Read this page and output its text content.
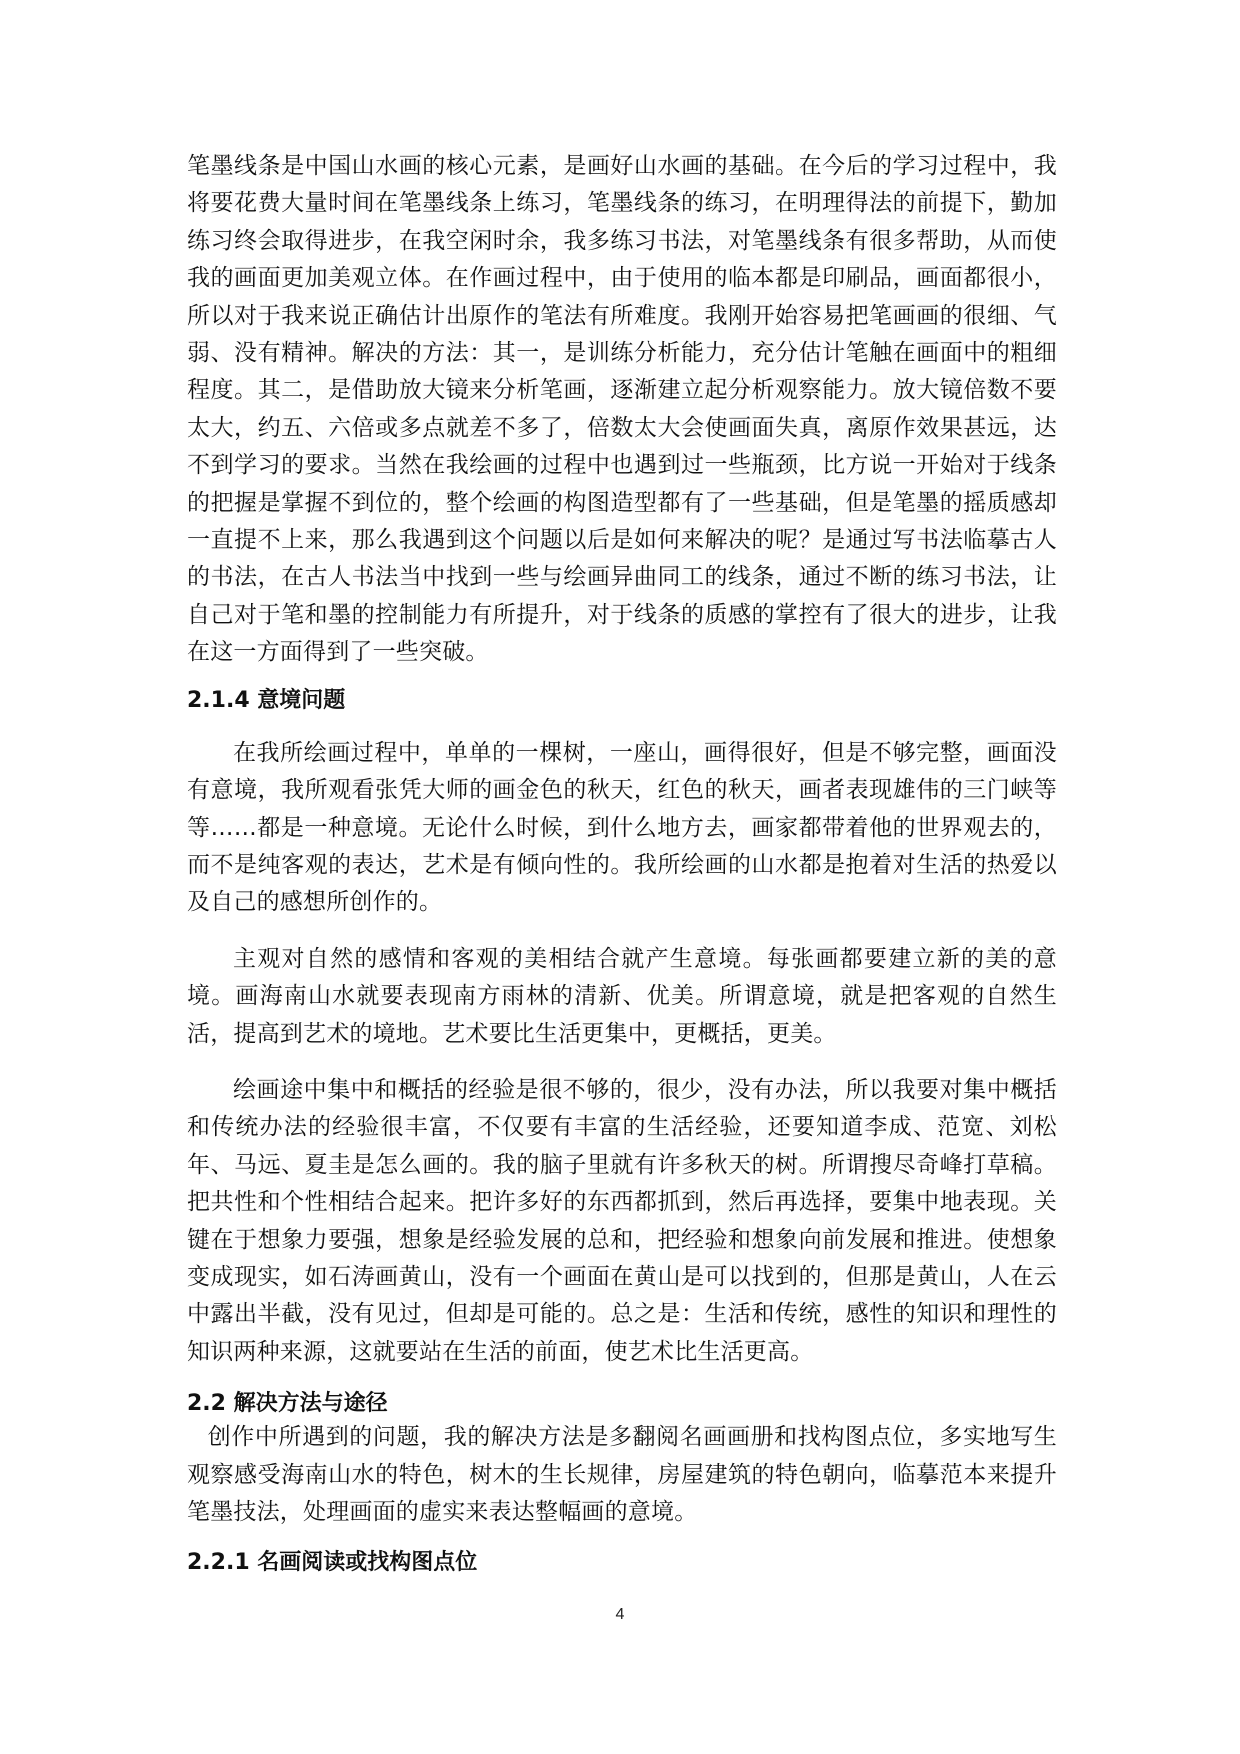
笔墨线条是中国山水画的核心元素，是画好山水画的基础。在今后的学习过程中，我将要花费大量时间在笔墨线条上练习，笔墨线条的练习，在明理得法的前提下，勤加练习终会取得进步，在我空闲时余，我多练习书法，对笔墨线条有很多帮助，从而使我的画面更加美观立体。在作画过程中，由于使用的临本都是印刷品，画面都很小，所以对于我来说正确估计出原作的笔法有所难度。我刚开始容易把笔画画的很细、气弱、没有精神。解决的方法：其一，是训练分析能力，充分估计笔触在画面中的粗细程度。其二，是借助放大镜来分析笔画，逐渐建立起分析观察能力。放大镜倍数不要太大，约五、六倍或多点就差不多了，倍数太大会使画面失真，离原作效果甚远，达不到学习的要求。当然在我绘画的过程中也遇到过一些瓶颈，比方说一开始对于线条的把握是掌握不到位的，整个绘画的构图造型都有了一些基础，但是笔墨的摇质感却一直提不上来，那么我遇到这个问题以后是如何来解决的呢？是通过写书法临摹古人的书法，在古人书法当中找到一些与绘画异曲同工的线条，通过不断的练习书法，让自己对于笔和墨的控制能力有所提升，对于线条的质感的掌控有了很大的进步，让我在这一方面得到了一些突破。

2.1.4 意境问题

在我所绘画过程中，单单的一棵树，一座山，画得很好，但是不够完整，画面没有意境，我所观看张凭大师的画金色的秋天，红色的秋天，画者表现雄伟的三门峡等等……都是一种意境。无论什么时候，到什么地方去，画家都带着他的世界观去的，而不是纯客观的表达，艺术是有倾向性的。我所绘画的山水都是抱着对生活的热爱以及自己的感想所创作的。

主观对自然的感情和客观的美相结合就产生意境。每张画都要建立新的美的意境。画海南山水就要表现南方雨林的清新、优美。所谓意境，就是把客观的自然生活，提高到艺术的境地。艺术要比生活更集中，更概括，更美。

绘画途中集中和概括的经验是很不够的，很少，没有办法，所以我要对集中概括和传统办法的经验很丰富，不仅要有丰富的生活经验，还要知道李成、范宽、刘松年、马远、夏圭是怎么画的。我的脑子里就有许多秋天的树。所谓搜尽奇峰打草稿。把共性和个性相结合起来。把许多好的东西都抓到，然后再选择，要集中地表现。关键在于想象力要强，想象是经验发展的总和，把经验和想象向前发展和推进。使想象变成现实，如石涛画黄山，没有一个画面在黄山是可以找到的，但那是黄山，人在云中露出半截，没有见过，但却是可能的。总之是：生活和传统，感性的知识和理性的知识两种来源，这就要站在生活的前面，使艺术比生活更高。

2.2 解决方法与途径

创作中所遇到的问题，我的解决方法是多翻阅名画画册和找构图点位，多实地写生观察感受海南山水的特色，树木的生长规律，房屋建筑的特色朝向，临摹范本来提升笔墨技法，处理画面的虚实来表达整幅画的意境。

2.2.1 名画阅读或找构图点位
4
